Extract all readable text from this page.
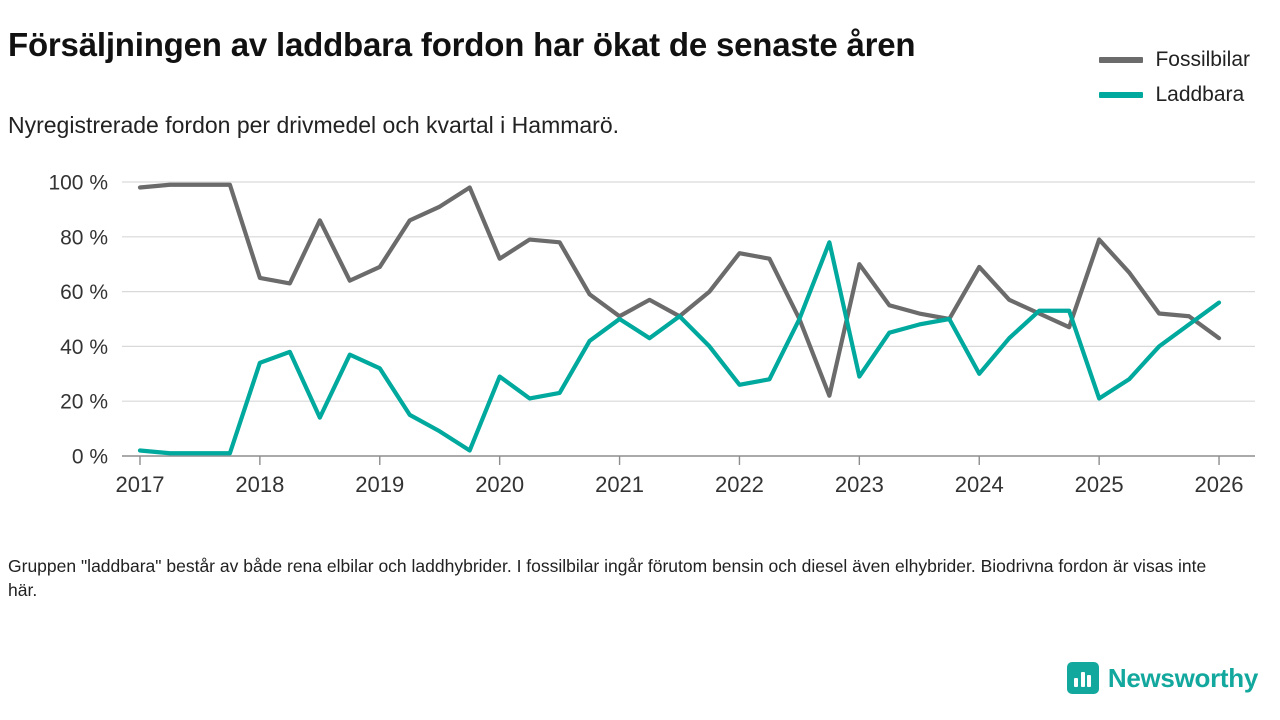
Försäljningen av laddbara fordon har ökat de senaste åren
Nyregistrerade fordon per drivmedel och kvartal i Hammarö.
0 %
20 %
40 %
60 %
80 %
100 %
2017	2018	2019	2020	2021	2022	2023	2024	2025	2026
Fossilbilar
Laddbara
Gruppen "laddbara" består av både rena elbilar och laddhybrider. I fossilbilar ingår förutom bensin och diesel även elhybrider. Biodrivna fordon är visas inte här.
Newsworthy
